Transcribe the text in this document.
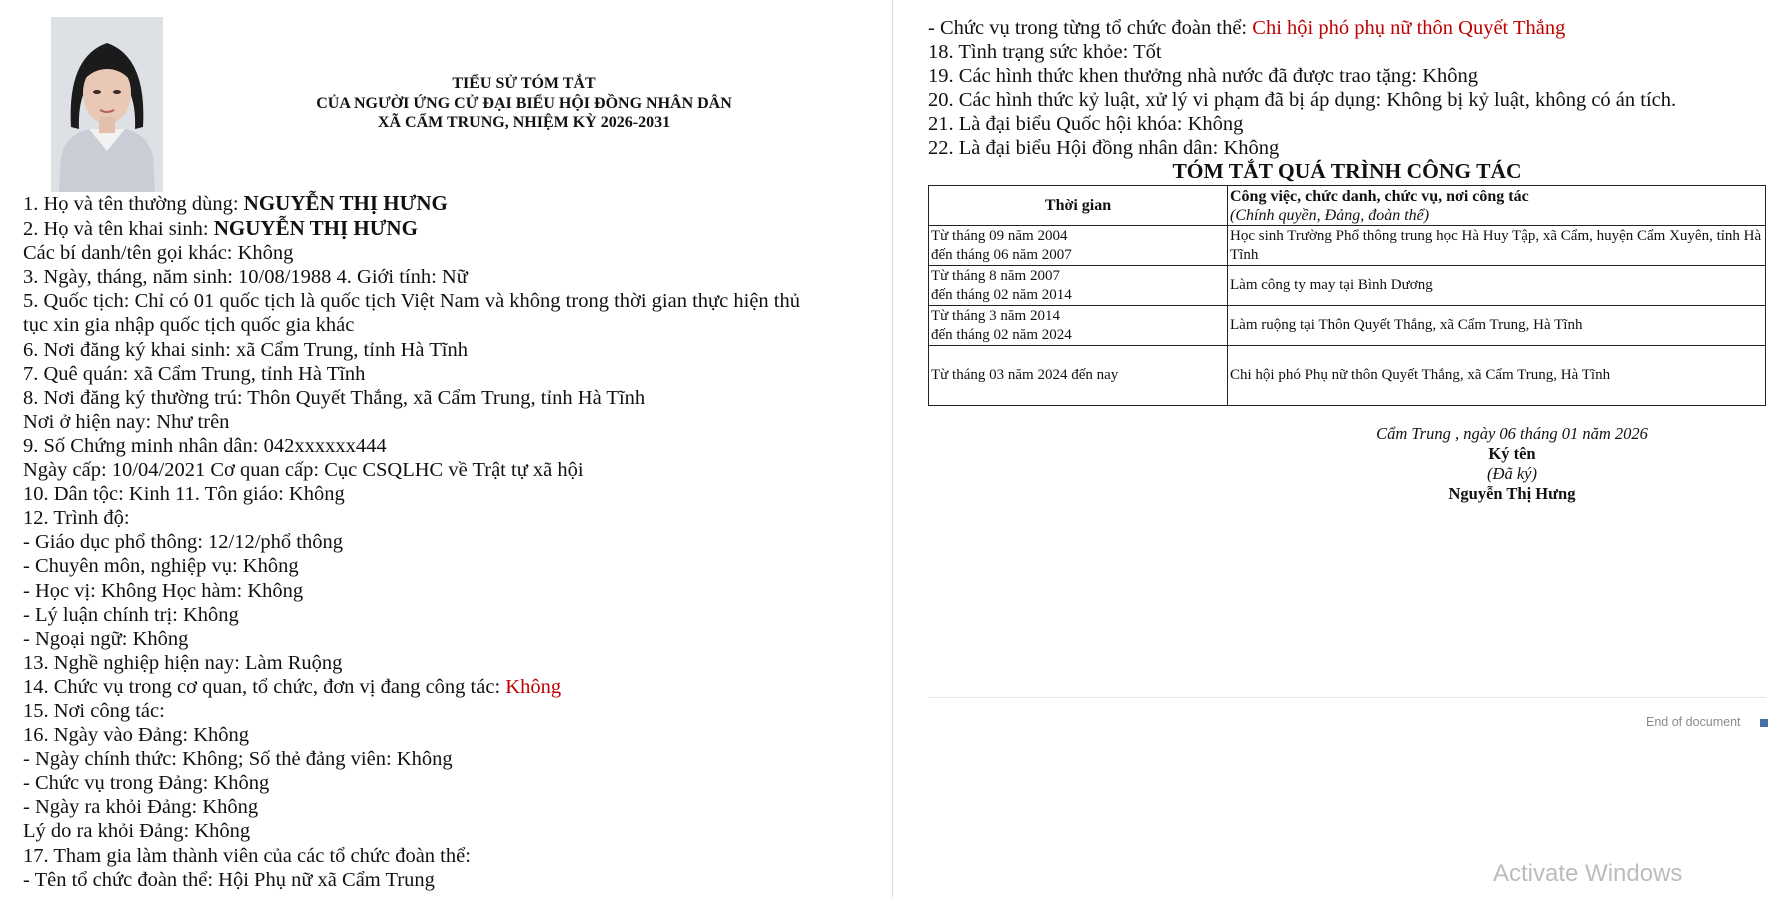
TIỂU SỬ TÓM TẮT
CỦA NGƯỜI ỨNG CỬ ĐẠI BIỂU HỘI ĐỒNG NHÂN DÂN
XÃ CẨM TRUNG, NHIỆM KỲ 2026-2031
1. Họ và tên thường dùng: NGUYỄN THỊ HƯNG
2. Họ và tên khai sinh: NGUYỄN THỊ HƯNG
Các bí danh/tên gọi khác: Không
3. Ngày, tháng, năm sinh: 10/08/1988 4. Giới tính: Nữ
5. Quốc tịch: Chỉ có 01 quốc tịch là quốc tịch Việt Nam và không trong thời gian thực hiện thủ
tục xin gia nhập quốc tịch quốc gia khác
6. Nơi đăng ký khai sinh: xã Cẩm Trung, tỉnh Hà Tĩnh
7. Quê quán: xã Cẩm Trung, tỉnh Hà Tĩnh
8. Nơi đăng ký thường trú: Thôn Quyết Thắng, xã Cẩm Trung, tỉnh Hà Tĩnh
Nơi ở hiện nay: Như trên
9. Số Chứng minh nhân dân: 042xxxxxx444
Ngày cấp: 10/04/2021 Cơ quan cấp: Cục CSQLHC về Trật tự xã hội
10. Dân tộc: Kinh 11. Tôn giáo: Không
12. Trình độ:
- Giáo dục phổ thông: 12/12/phổ thông
- Chuyên môn, nghiệp vụ: Không
- Học vị: Không Học hàm: Không
- Lý luận chính trị: Không
- Ngoại ngữ: Không
13. Nghề nghiệp hiện nay: Làm Ruộng
14. Chức vụ trong cơ quan, tổ chức, đơn vị đang công tác: Không
15. Nơi công tác:
16. Ngày vào Đảng: Không
- Ngày chính thức: Không; Số thẻ đảng viên: Không
- Chức vụ trong Đảng: Không
- Ngày ra khỏi Đảng: Không
Lý do ra khỏi Đảng: Không
17. Tham gia làm thành viên của các tổ chức đoàn thể:
- Tên tổ chức đoàn thể: Hội Phụ nữ xã Cẩm Trung
- Chức vụ trong từng tổ chức đoàn thể: Chi hội phó phụ nữ thôn Quyết Thắng
18. Tình trạng sức khỏe: Tốt
19. Các hình thức khen thưởng nhà nước đã được trao tặng: Không
20. Các hình thức kỷ luật, xử lý vi phạm đã bị áp dụng: Không bị kỷ luật, không có án tích.
21. Là đại biểu Quốc hội khóa: Không
22. Là đại biểu Hội đồng nhân dân: Không
TÓM TẮT QUÁ TRÌNH CÔNG TÁC
Thời gian	Công việc, chức danh, chức vụ, nơi công tác
(Chính quyền, Đảng, đoàn thể)

Từ tháng 09 năm 2004
đến tháng 06 năm 2007	Học sinh Trường Phổ thông trung học Hà Huy Tập, xã Cẩm, huyện Cẩm Xuyên, tỉnh Hà Tĩnh

Từ tháng 8 năm 2007
đến tháng 02 năm 2014	Làm công ty may tại Bình Dương

Từ tháng 3 năm 2014
đến tháng 02 năm 2024	Làm ruộng tại Thôn Quyết Thắng, xã Cẩm Trung, Hà Tĩnh

Từ tháng 03 năm 2024 đến nay	Chi hội phó Phụ nữ thôn Quyết Thắng, xã Cẩm Trung, Hà Tĩnh
Cẩm Trung , ngày 06 tháng 01 năm 2026
Ký tên
(Đã ký)
Nguyễn Thị Hưng
End of document
Activate Windows
